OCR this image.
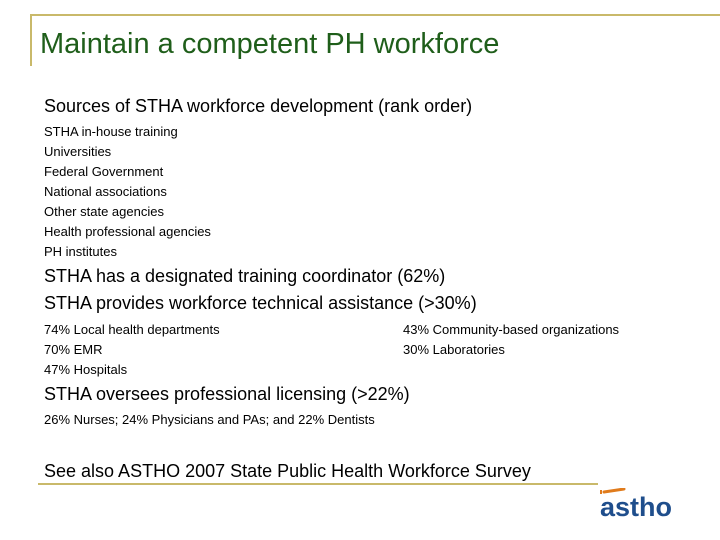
Maintain a competent PH workforce
Sources of STHA workforce development (rank order)
STHA in-house training
Universities
Federal Government
National associations
Other state agencies
Health professional agencies
PH institutes
STHA has a designated training coordinator (62%)
STHA provides workforce technical assistance (>30%)
74% Local health departments
70% EMR
47% Hospitals
43% Community-based organizations
30% Laboratories
STHA oversees professional licensing (>22%)
26% Nurses; 24% Physicians and PAs; and 22% Dentists
See also ASTHO 2007 State Public Health Workforce Survey
astho
